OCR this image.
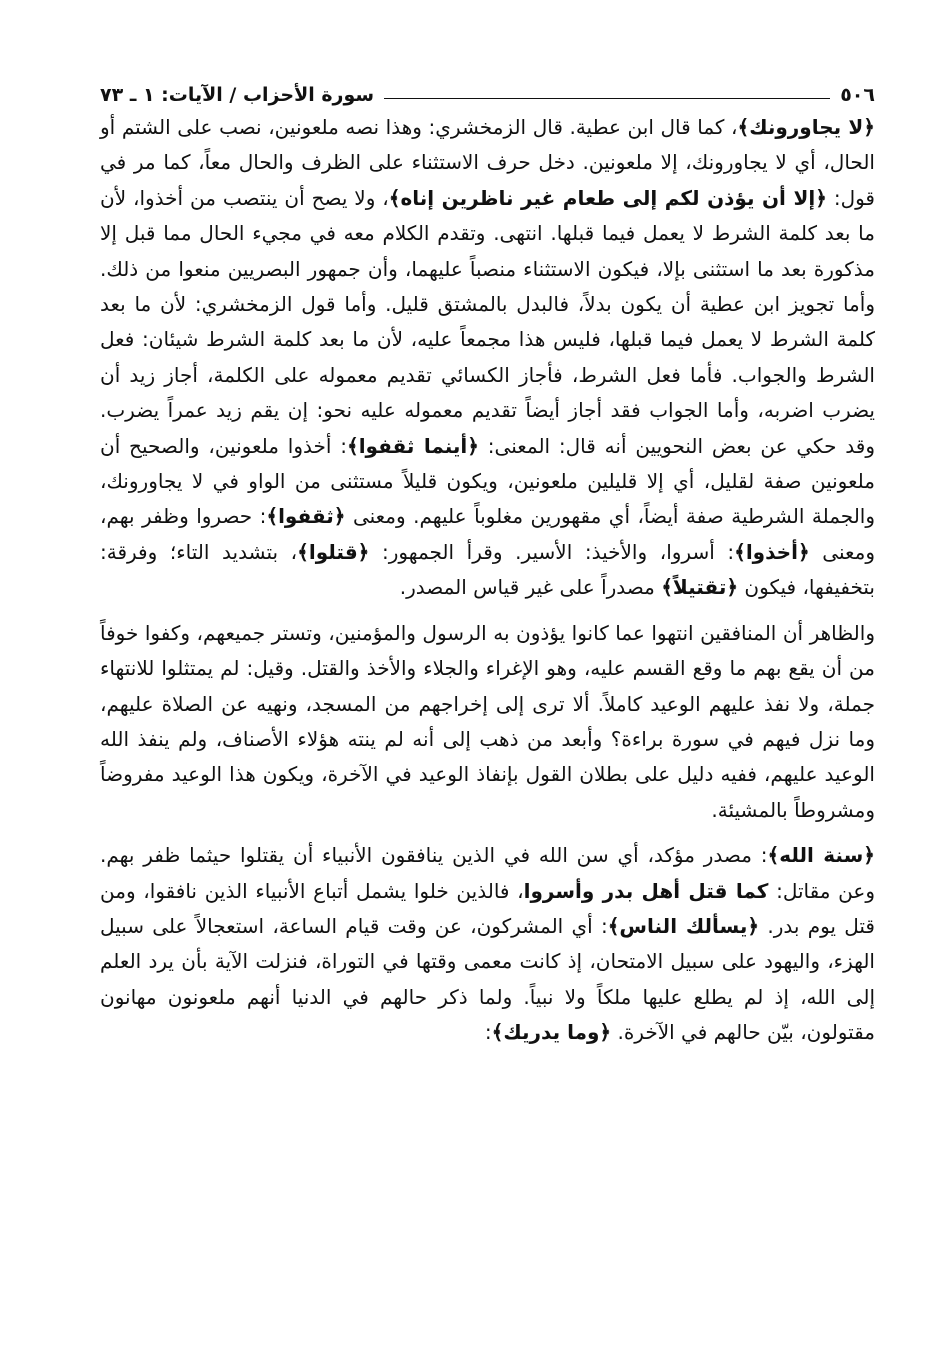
٥٠٦
سورة الأحزاب / الآيات: ١ ـ ٧٣
﴿لا يجاورونك﴾، كما قال ابن عطية. قال الزمخشري: وهذا نصه ملعونين، نصب على الشتم أو الحال، أي لا يجاورونك، إلا ملعونين. دخل حرف الاستثناء على الظرف والحال معاً، كما مر في قول: ﴿إلا أن يؤذن لكم إلى طعام غير ناظرين إناه﴾، ولا يصح أن ينتصب من أخذوا، لأن ما بعد كلمة الشرط لا يعمل فيما قبلها. انتهى. وتقدم الكلام معه في مجيء الحال مما قبل إلا مذكورة بعد ما استثنى بإلا، فيكون الاستثناء منصباً عليهما، وأن جمهور البصريين منعوا من ذلك. وأما تجويز ابن عطية أن يكون بدلاً، فالبدل بالمشتق قليل. وأما قول الزمخشري: لأن ما بعد كلمة الشرط لا يعمل فيما قبلها، فليس هذا مجمعاً عليه، لأن ما بعد كلمة الشرط شيئان: فعل الشرط والجواب. فأما فعل الشرط، فأجاز الكسائي تقديم معموله على الكلمة، أجاز زيد أن يضرب اضربه، وأما الجواب فقد أجاز أيضاً تقديم معموله عليه نحو: إن يقم زيد عمراً يضرب. وقد حكي عن بعض النحويين أنه قال: المعنى: ﴿أينما ثقفوا﴾: أخذوا ملعونين، والصحيح أن ملعونين صفة لقليل، أي إلا قليلين ملعونين، ويكون قليلاً مستثنى من الواو في لا يجاورونك، والجملة الشرطية صفة أيضاً، أي مقهورين مغلوباً عليهم. ومعنى ﴿ثقفوا﴾: حصروا وظفر بهم، ومعنى ﴿أخذوا﴾: أسروا، والأخيذ: الأسير. وقرأ الجمهور: ﴿قتلوا﴾، بتشديد التاء؛ وفرقة: بتخفيفها، فيكون ﴿تقتيلاً﴾ مصدراً على غير قياس المصدر.
والظاهر أن المنافقين انتهوا عما كانوا يؤذون به الرسول والمؤمنين، وتستر جميعهم، وكفوا خوفاً من أن يقع بهم ما وقع القسم عليه، وهو الإغراء والجلاء والأخذ والقتل. وقيل: لم يمتثلوا للانتهاء جملة، ولا نفذ عليهم الوعيد كاملاً. ألا ترى إلى إخراجهم من المسجد، ونهيه عن الصلاة عليهم، وما نزل فيهم في سورة براءة؟ وأبعد من ذهب إلى أنه لم ينته هؤلاء الأصناف، ولم ينفذ الله الوعيد عليهم، ففيه دليل على بطلان القول بإنفاذ الوعيد في الآخرة، ويكون هذا الوعيد مفروضاً ومشروطاً بالمشيئة.
﴿سنة الله﴾: مصدر مؤكد، أي سن الله في الذين ينافقون الأنبياء أن يقتلوا حيثما ظفر بهم. وعن مقاتل: كما قتل أهل بدر وأسروا، فالذين خلوا يشمل أتباع الأنبياء الذين نافقوا، ومن قتل يوم بدر. ﴿يسألك الناس﴾: أي المشركون، عن وقت قيام الساعة، استعجالاً على سبيل الهزء، واليهود على سبيل الامتحان، إذ كانت معمى وقتها في التوراة، فنزلت الآية بأن يرد العلم إلى الله، إذ لم يطلع عليها ملكاً ولا نبياً. ولما ذكر حالهم في الدنيا أنهم ملعونون مهانون مقتولون، بيّن حالهم في الآخرة. ﴿وما يدريك﴾:
